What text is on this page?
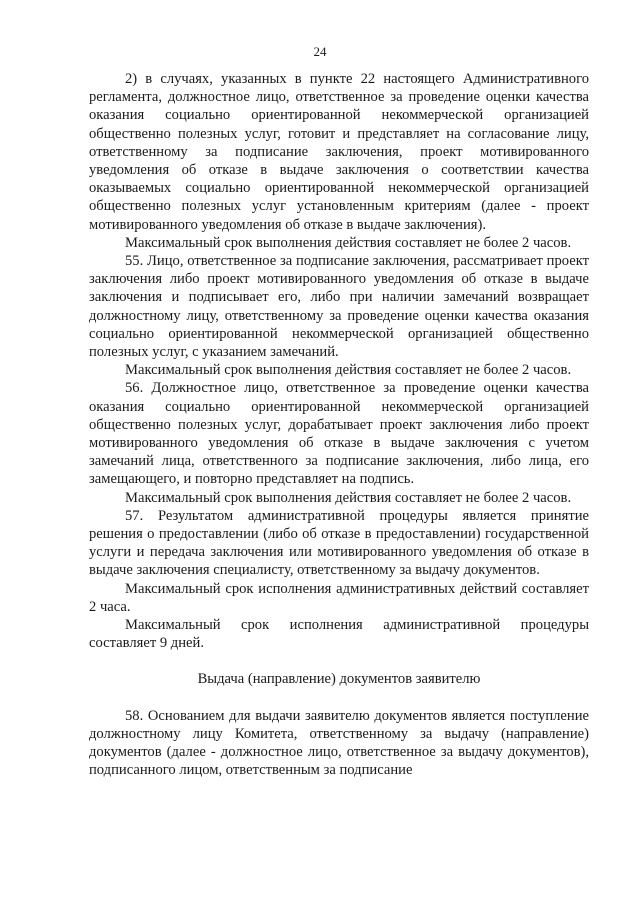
24

2) в случаях, указанных в пункте 22 настоящего Административного регламента, должностное лицо, ответственное за проведение оценки качества оказания социально ориентированной некоммерческой организацией общественно полезных услуг, готовит и представляет на согласование лицу, ответственному за подписание заключения, проект мотивированного уведомления об отказе в выдаче заключения о соответствии качества оказываемых социально ориентированной некоммерческой организацией общественно полезных услуг установленным критериям (далее - проект мотивированного уведомления об отказе в выдаче заключения).

Максимальный срок выполнения действия составляет не более 2 часов.

55. Лицо, ответственное за подписание заключения, рассматривает проект заключения либо проект мотивированного уведомления об отказе в выдаче заключения и подписывает его, либо при наличии замечаний возвращает должностному лицу, ответственному за проведение оценки качества оказания социально ориентированной некоммерческой организацией общественно полезных услуг, с указанием замечаний.

Максимальный срок выполнения действия составляет не более 2 часов.

56. Должностное лицо, ответственное за проведение оценки качества оказания социально ориентированной некоммерческой организацией общественно полезных услуг, дорабатывает проект заключения либо проект мотивированного уведомления об отказе в выдаче заключения с учетом замечаний лица, ответственного за подписание заключения, либо лица, его замещающего, и повторно представляет на подпись.

Максимальный срок выполнения действия составляет не более 2 часов.

57. Результатом административной процедуры является принятие решения о предоставлении (либо об отказе в предоставлении) государственной услуги и передача заключения или мотивированного уведомления об отказе в выдаче заключения специалисту, ответственному за выдачу документов.

Максимальный срок исполнения административных действий составляет 2 часа.

Максимальный срок исполнения административной процедуры составляет 9 дней.

Выдача (направление) документов заявителю

58. Основанием для выдачи заявителю документов является поступление должностному лицу Комитета, ответственному за выдачу (направление) документов (далее - должностное лицо, ответственное за выдачу документов), подписанного лицом, ответственным за подписание
